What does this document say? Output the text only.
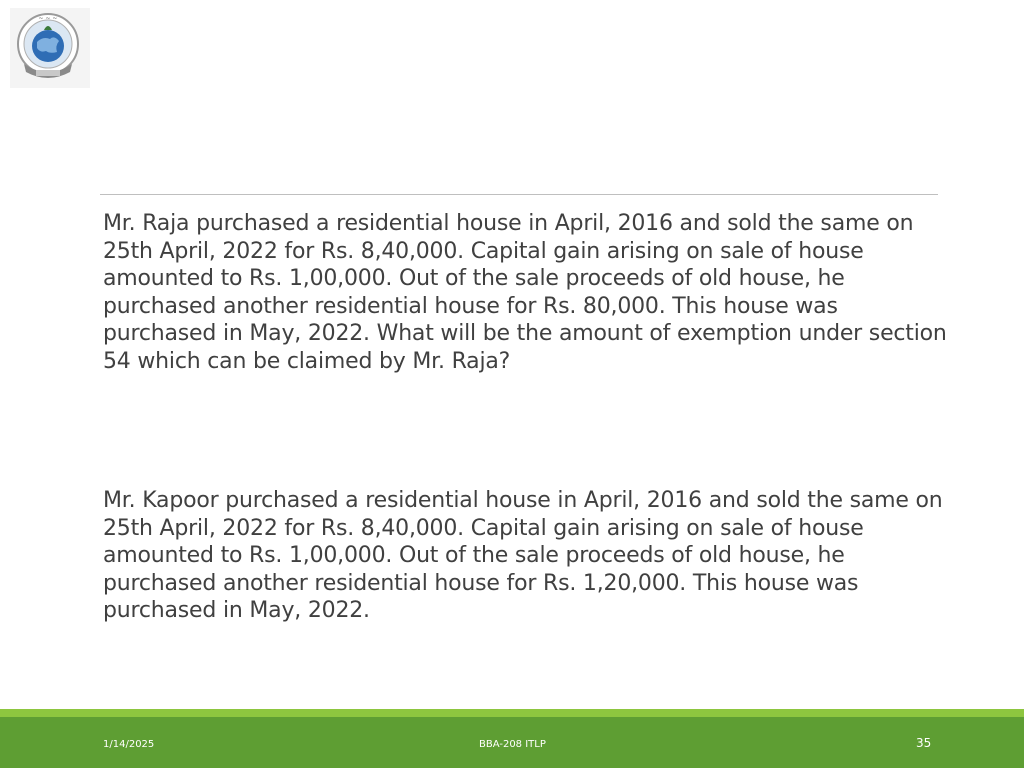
~ ~ ~

Mr. Raja purchased a residential house in April, 2016 and sold the same on 25th April, 2022 for Rs. 8,40,000. Capital gain arising on sale of house amounted to Rs. 1,00,000. Out of the sale proceeds of old house, he purchased another residential house for Rs. 80,000. This house was purchased in May, 2022. What will be the amount of exemption under section 54 which can be claimed by Mr. Raja?

Mr. Kapoor purchased a residential house in April, 2016 and sold the same on 25th April, 2022 for Rs. 8,40,000. Capital gain arising on sale of house amounted to Rs. 1,00,000. Out of the sale proceeds of old house, he purchased another residential house for Rs. 1,20,000. This house was purchased in May, 2022.

1/14/2025	BBA-208 ITLP	35
